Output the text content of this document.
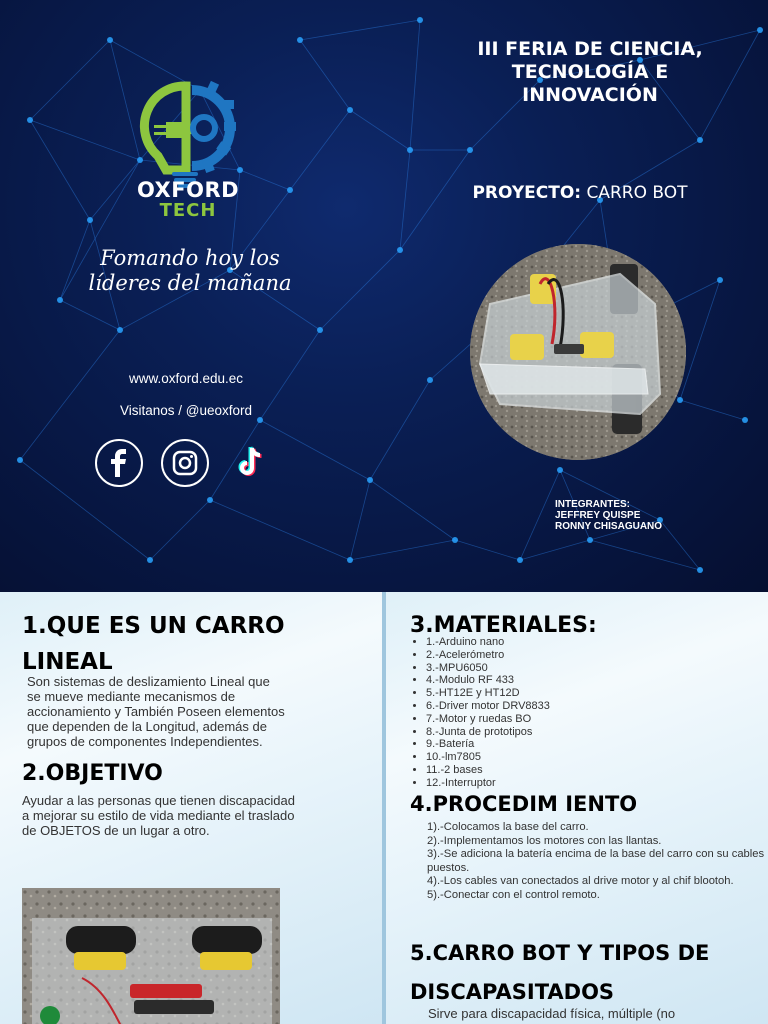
OXFORD
TECH
Fomando hoy los líderes del mañana
www.oxford.edu.ec
Visitanos / @ueoxford
III FERIA DE CIENCIA,
TECNOLOGÍA E
INNOVACIÓN
PROYECTO: CARRO BOT
INTEGRANTES:
JEFFREY QUISPE
RONNY CHISAGUANO
1.QUE ES UN CARRO
LINEAL
Son sistemas de deslizamiento Lineal que se mueve mediante mecanismos de accionamiento y También Poseen elementos que dependen de la Longitud, además de grupos de componentes Independientes.
2.OBJETIVO
Ayudar a las personas que tienen discapacidad a mejorar su estilo de vida mediante el traslado de OBJETOS de un lugar a otro.
3.MATERIALES:
• 1.-Arduino nano
• 2.-Acelerómetro
• 3.-MPU6050
• 4.-Modulo RF 433
• 5.-HT12E y HT12D
• 6.-Driver motor DRV8833
• 7.-Motor y ruedas BO
• 8.-Junta de prototipos
• 9.-Batería
• 10.-lm7805
• 11.-2 bases
• 12.-Interruptor
4.PROCEDIM IENTO
1).-Colocamos la base del carro.
2).-Implementamos los motores con las llantas.
3).-Se adiciona la batería encima de la base del carro con su cables puestos.
4).-Los cables van conectados al drive motor y al chif blootoh.
5).-Conectar con el control remoto.
5.CARRO BOT Y TIPOS DE
DISCAPASITADOS
Sirve para discapacidad física, múltiple (no
